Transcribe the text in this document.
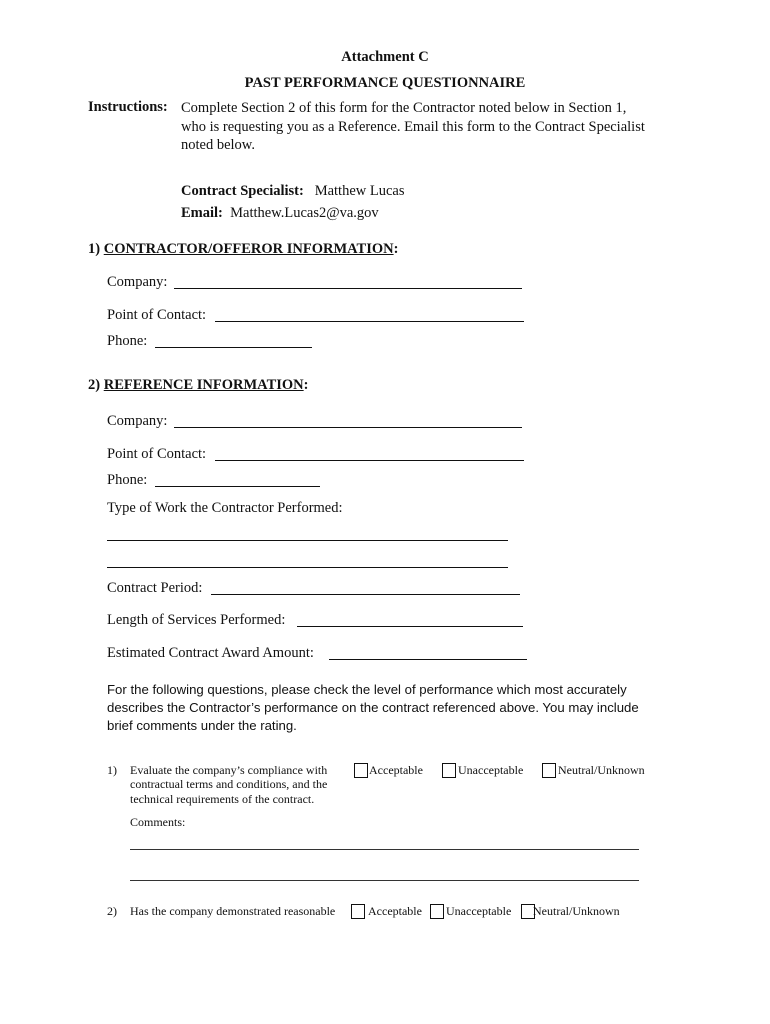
Attachment C
PAST PERFORMANCE QUESTIONNAIRE
Instructions: Complete Section 2 of this form for the Contractor noted below in Section 1,
who is requesting you as a Reference. Email this form to the Contract Specialist
noted below.
Contract Specialist: Matthew Lucas
Email: Matthew.Lucas2@va.gov
1) CONTRACTOR/OFFEROR INFORMATION:
Company:
Point of Contact:
Phone:
2) REFERENCE INFORMATION:
Company:
Point of Contact:
Phone:
Type of Work the Contractor Performed:
Contract Period:
Length of Services Performed:
Estimated Contract Award Amount:
For the following questions, please check the level of performance which most accurately
describes the Contractor’s performance on the contract referenced above. You may include
brief comments under the rating.
1) Evaluate the company’s compliance with
contractual terms and conditions, and the
technical requirements of the contract.
Acceptable	Unacceptable	Neutral/Unknown
Comments:
2) Has the company demonstrated reasonable	Acceptable Unacceptable Neutral/Unknown
